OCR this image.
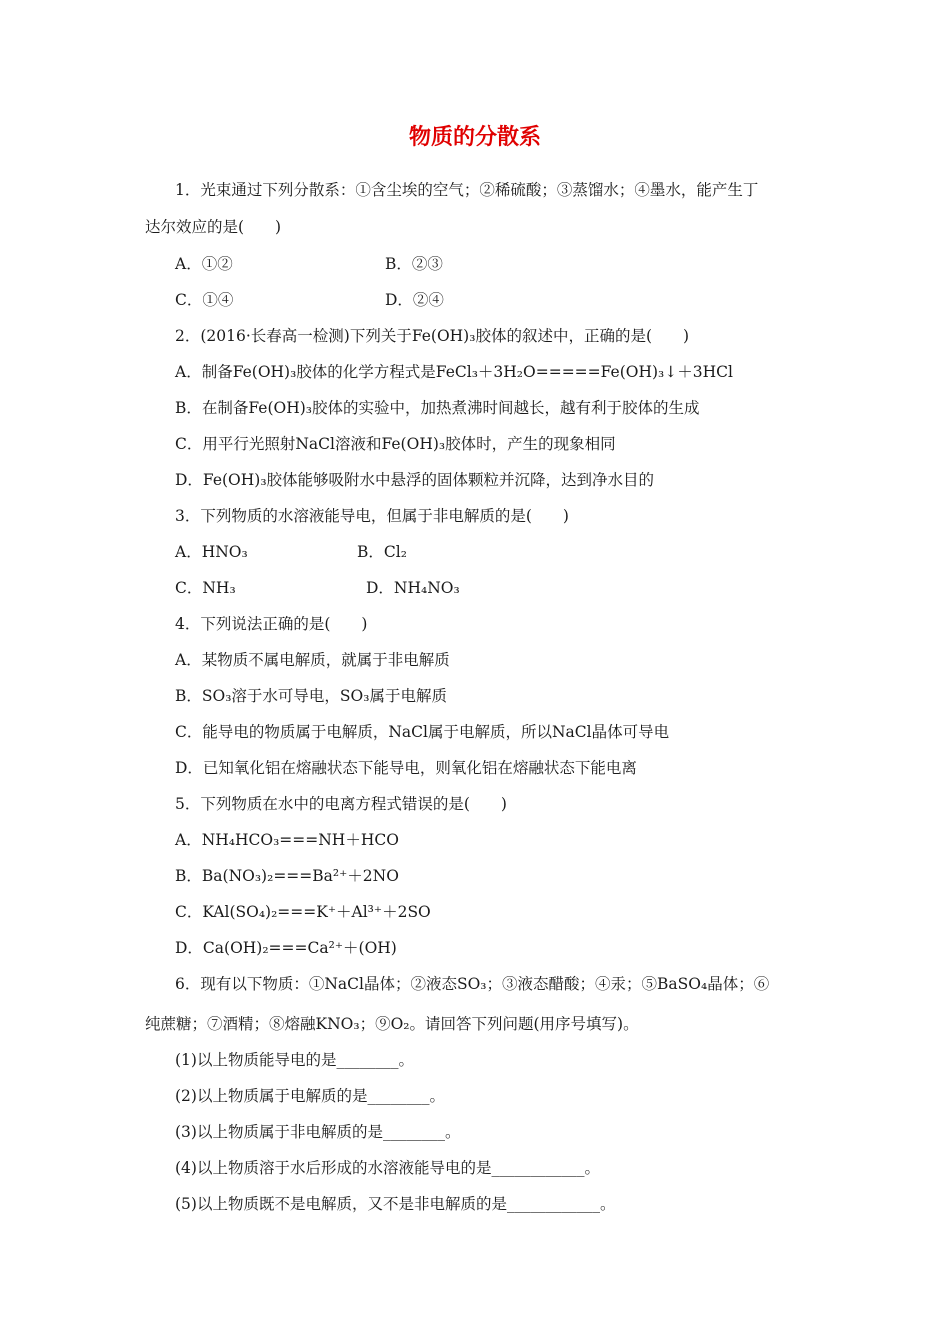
物质的分散系
1．光束通过下列分散系：①含尘埃的空气；②稀硫酸；③蒸馏水；④墨水，能产生丁
达尔效应的是(　　)
A．①②	B．②③
C．①④	D．②④
2．(2016·长春高一检测)下列关于Fe(OH)₃胶体的叙述中，正确的是(　　)
A．制备Fe(OH)₃胶体的化学方程式是FeCl₃＋3H₂O=====Fe(OH)₃↓＋3HCl
B．在制备Fe(OH)₃胶体的实验中，加热煮沸时间越长，越有利于胶体的生成
C．用平行光照射NaCl溶液和Fe(OH)₃胶体时，产生的现象相同
D．Fe(OH)₃胶体能够吸附水中悬浮的固体颗粒并沉降，达到净水目的
3．下列物质的水溶液能导电，但属于非电解质的是(　　)
A．HNO₃	B．Cl₂
C．NH₃	D．NH₄NO₃
4．下列说法正确的是(　　)
A．某物质不属电解质，就属于非电解质
B．SO₃溶于水可导电，SO₃属于电解质
C．能导电的物质属于电解质，NaCl属于电解质，所以NaCl晶体可导电
D．已知氧化铝在熔融状态下能导电，则氧化铝在熔融状态下能电离
5．下列物质在水中的电离方程式错误的是(　　)
A．NH₄HCO₃===NH＋HCO
B．Ba(NO₃)₂===Ba²⁺＋2NO
C．KAl(SO₄)₂===K⁺＋Al³⁺＋2SO
D．Ca(OH)₂===Ca²⁺＋(OH)
6．现有以下物质：①NaCl晶体；②液态SO₃；③液态醋酸；④汞；⑤BaSO₄晶体；⑥
纯蔗糖；⑦酒精；⑧熔融KNO₃；⑨O₂。请回答下列问题(用序号填写)。
(1)以上物质能导电的是________。
(2)以上物质属于电解质的是________。
(3)以上物质属于非电解质的是________。
(4)以上物质溶于水后形成的水溶液能导电的是____________。
(5)以上物质既不是电解质，又不是非电解质的是____________。
